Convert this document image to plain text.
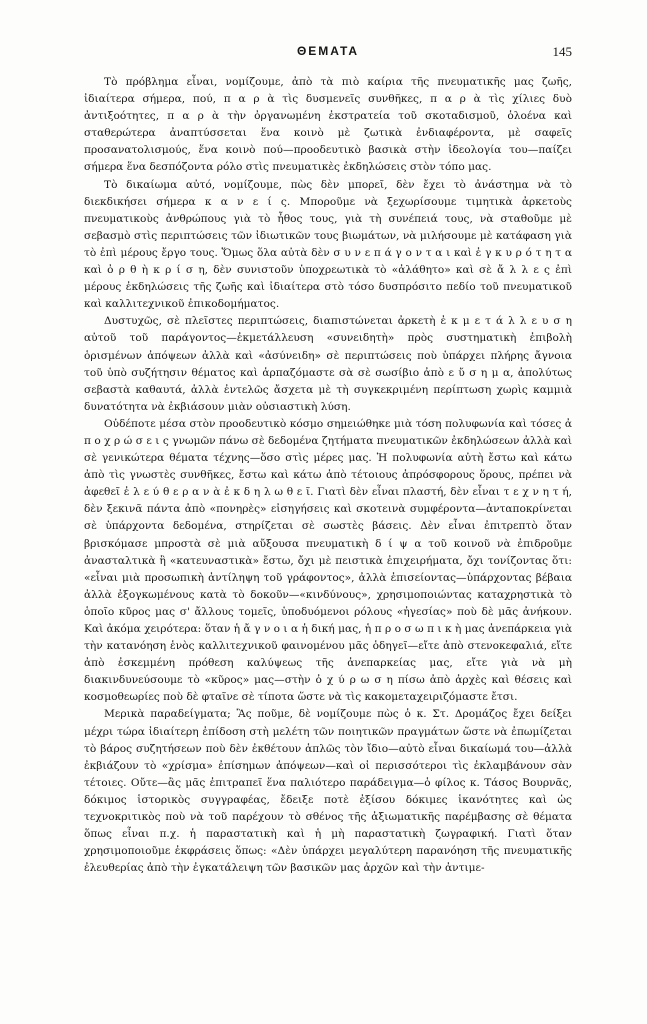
ΘΕΜΑΤΑ	145

Τὸ πρόβλημα εἶναι, νομίζουμε, ἀπὸ τὰ πιὸ καίρια τῆς πνευματικῆς μας ζωῆς, ἰδιαίτερα σήμερα, πού, π α ρ ὰ τὶς δυσμενεῖς συνθῆκες, π α ρ ὰ τὶς χίλιες δυὸ ἀντιξοότητες, π α ρ ὰ τὴν ὀργανωμένη ἐκστρατεία τοῦ σκοταδισμοῦ, ὁλοένα καὶ σταθερώτερα ἀναπτύσσεται ἕνα κοινὸ μὲ ζωτικὰ ἐνδιαφέροντα, μὲ σαφεῖς προσανατολισμούς, ἕνα κοινὸ πού—προοδευτικὸ βασικὰ στὴν ἰδεολογία του—παίζει σήμερα ἕνα δεσπόζοντα ρόλο στὶς πνευματικὲς ἐκδηλώσεις στὸν τόπο μας.

Τὸ δικαίωμα αὐτό, νομίζουμε, πὼς δὲν μπορεῖ, δὲν ἔχει τὸ ἀνάστημα νὰ τὸ διεκδικήσει σήμερα κ α ν ε ί ς. Μποροῦμε νὰ ξεχωρίσουμε τιμητικὰ ἀρκετοὺς πνευματικοὺς ἀνθρώπους γιὰ τὸ ἦθος τους, γιὰ τὴ συνέπειά τους, νὰ σταθοῦμε μὲ σεβασμὸ στὶς περιπτώσεις τῶν ἰδιωτικῶν τους βιωμάτων, νὰ μιλήσουμε μὲ κατάφαση γιὰ τὸ ἐπὶ μέρους ἔργο τους. Ὅμως ὅλα αὐτὰ δὲν σ υ ν ε π ά γ ο ν τ α ι καὶ ἐ γ κ υ ρ ό τ η τ α καὶ ὀ ρ θ ὴ κ ρ ί σ η, δὲν συνιστοῦν ὑποχρεωτικὰ τὸ «ἀλάθητο» καὶ σὲ ἄ λ λ ε ς ἐπὶ μέρους ἐκδηλώσεις τῆς ζωῆς καὶ ἰδιαίτερα στὸ τόσο δυσπρόσιτο πεδίο τοῦ πνευματικοῦ καὶ καλλιτεχνικοῦ ἐπικοδομήματος.

Δυστυχῶς, σὲ πλεῖστες περιπτώσεις, διαπιστώνεται ἀρκετὴ ἐ κ μ ε τ ά λ λ ε υ σ η αὐτοῦ τοῦ παράγοντος—ἐκμετάλλευση «συνειδητὴ» πρὸς συστηματικὴ ἐπιβολὴ ὁρισμένων ἀπόψεων ἀλλὰ καὶ «ἀσύνειδη» σὲ περιπτώσεις ποὺ ὑπάρχει πλήρης ἄγνοια τοῦ ὑπὸ συζήτησιν θέματος καὶ ἁρπαζόμαστε σὰ σὲ σωσίβιο ἀπὸ ε ὔ σ η μ α, ἀπολύτως σεβαστὰ καθαυτά, ἀλλὰ ἐντελῶς ἄσχετα μὲ τὴ συγκεκριμένη περίπτωση χωρὶς καμμιὰ δυνατότητα νὰ ἐκβιάσουν μιὰν οὐσιαστικὴ λύση.

Οὐδέποτε μέσα στὸν προοδευτικὸ κόσμο σημειώθηκε μιὰ τόση πολυφωνία καὶ τόσες ἀ π ο χ ρ ώ σ ε ι ς γνωμῶν πάνω σὲ δεδομένα ζητήματα πνευματικῶν ἐκδηλώσεων ἀλλὰ καὶ σὲ γενικώτερα θέματα τέχνης—ὅσο στὶς μέρες μας. Ἡ πολυφωνία αὐτὴ ἔστω καὶ κάτω ἀπὸ τὶς γνωστὲς συνθῆκες, ἔστω καὶ κάτω ἀπὸ τέτοιους ἀπρόσφορους ὅρους, πρέπει νὰ ἀφεθεῖ ἐ λ ε ύ θ ε ρ α ν ὰ ἐ κ δ η λ ω θ ε ῖ. Γιατὶ δὲν εἶναι πλαστή, δὲν εἶναι τ ε χ ν η τ ή, δὲν ξεκινᾶ πάντα ἀπὸ «πονηρὲς» εἰσηγήσεις καὶ σκοτεινὰ συμφέροντα—ἀνταποκρίνεται σὲ ὑπάρχοντα δεδομένα, στηρίζεται σὲ σωστὲς βάσεις. Δὲν εἶναι ἐπιτρεπτὸ ὅταν βρισκόμασε μπροστὰ σὲ μιὰ αὔξουσα πνευματικὴ δ ί ψ α τοῦ κοινοῦ νὰ ἐπιδροῦμε ἀνασταλτικὰ ἢ «κατευναστικὰ» ἔστω, ὄχι μὲ πειστικὰ ἐπιχειρήματα, ὄχι τονίζοντας ὅτι: «εἶναι μιὰ προσωπικὴ ἀντίληψη τοῦ γράφοντος», ἀλλὰ ἐπισείοντας—ὑπάρχοντας βέβαια ἀλλὰ ἐξογκωμένους κατὰ τὸ δοκοῦν—«κινδύνους», χρησιμοποιώντας καταχρηστικὰ τὸ ὁποῖο κῦρος μας σ' ἄλλους τομεῖς, ὑποδυόμενοι ρόλους «ἠγεσίας» ποὺ δὲ μᾶς ἀνήκουν. Καὶ ἀκόμα χειρότερα: ὅταν ἡ ἄ γ ν ο ι α ἡ δική μας, ἡ π ρ ο σ ω π ι κ ὴ μας ἀνεπάρκεια γιὰ τὴν κατανόηση ἑνὸς καλλιτεχνικοῦ φαινομένου μᾶς ὁδηγεῖ—εἴτε ἀπὸ στενοκεφαλιά, εἴτε ἀπὸ ἐσκεμμένη πρόθεση καλύψεως τῆς ἀνεπαρκείας μας, εἴτε γιὰ νὰ μὴ διακινδυνεύσουμε τὸ «κῦρος» μας—στὴν ὀ χ ύ ρ ω σ η πίσω ἀπὸ ἀρχὲς καὶ θέσεις καὶ κοσμοθεωρίες ποὺ δὲ φταῖνε σὲ τίποτα ὥστε νὰ τὶς κακομεταχειριζόμαστε ἔτσι.

Μερικὰ παραδείγματα; Ἂς ποῦμε, δὲ νομίζουμε πὼς ὁ κ. Στ. Δρομάζος ἔχει δείξει μέχρι τώρα ἰδιαίτερη ἐπίδοση στὴ μελέτη τῶν ποιητικῶν πραγμάτων ὥστε νὰ ἐπωμίζεται τὸ βάρος συζητήσεων ποὺ δὲν ἐκθέτουν ἁπλῶς τὸν ἴδιο—αὐτὸ εἶναι δικαίωμά του—ἀλλὰ ἐκβιάζουν τὸ «χρίσμα» ἐπίσημων ἀπόψεων—καὶ οἱ περισσότεροι τὶς ἐκλαμβάνουν σὰν τέτοιες. Οὔτε—ἂς μᾶς ἐπιτραπεῖ ἕνα παλιότερο παράδειγμα—ὁ φίλος κ. Τάσος Βουρνᾶς, δόκιμος ἱστορικὸς συγγραφέας, ἔδειξε ποτὲ ἐξίσου δόκιμες ἱκανότητες καὶ ὡς τεχνοκριτικὸς ποὺ νὰ τοῦ παρέχουν τὸ σθένος τῆς ἀξιωματικῆς παρέμβασης σὲ θέματα ὅπως εἶναι π.χ. ἡ παραστατικὴ καὶ ἡ μὴ παραστατικὴ ζωγραφική. Γιατὶ ὅταν χρησιμοποιοῦμε ἐκφράσεις ὅπως: «Δὲν ὑπάρχει μεγαλύτερη παρανόηση τῆς πνευματικῆς ἐλευθερίας ἀπὸ τὴν ἐγκατάλειψη τῶν βασικῶν μας ἀρχῶν καὶ τὴν ἀντιμε-
